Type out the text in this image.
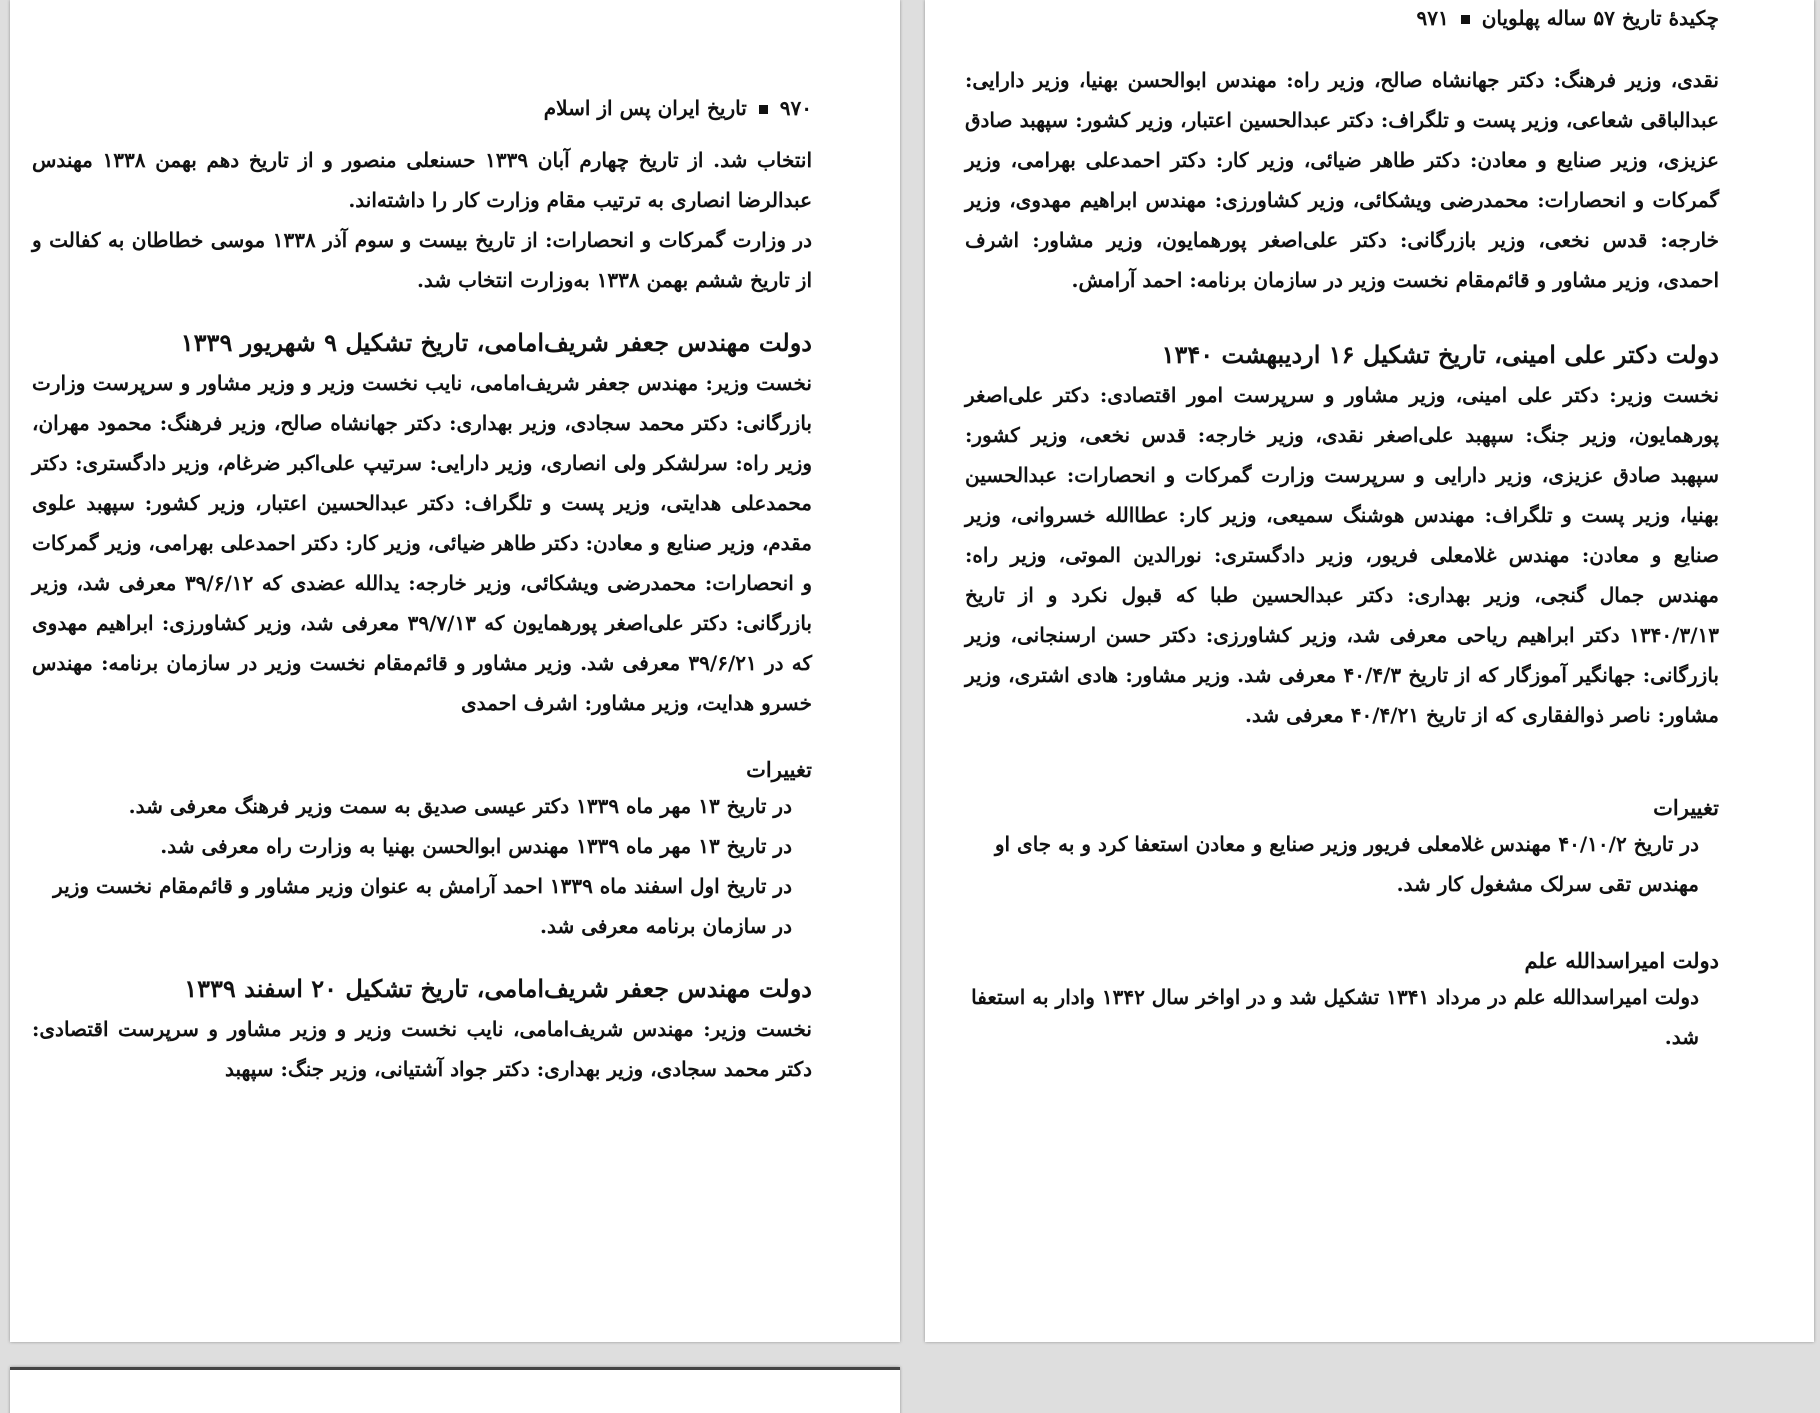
۹۷۰تاریخ ایران پس از اسلام

انتخاب شد. از تاریخ چهارم آبان ۱۳۳۹ حسنعلی منصور و از تاریخ دهم بهمن ۱۳۳۸ مهندس عبدالرضا انصاری به ترتیب مقام وزارت کار را داشته‌اند.

در وزارت گمرکات و انحصارات: از تاریخ بیست و سوم آذر ۱۳۳۸ موسی خطاطان به کفالت و از تاریخ ششم بهمن ۱۳۳۸ به‌وزارت انتخاب شد.

دولت مهندس جعفر شریف‌امامی، تاریخ تشکیل ۹ شهریور ۱۳۳۹

نخست وزیر: مهندس جعفر شریف‌امامی، نایب نخست وزیر و وزیر مشاور و سرپرست وزارت بازرگانی: دکتر محمد سجادی، وزیر بهداری: دکتر جهانشاه صالح، وزیر فرهنگ: محمود مهران، وزیر راه: سرلشکر ولی انصاری، وزیر دارایی: سرتیپ علی‌اکبر ضرغام، وزیر دادگستری: دکتر محمدعلی هدایتی، وزیر پست و تلگراف: دکتر عبدالحسین اعتبار، وزیر کشور: سپهبد علوی مقدم، وزیر صنایع و معادن: دکتر طاهر ضیائی، وزیر کار: دکتر احمدعلی بهرامی، وزیر گمرکات و انحصارات: محمدرضی ویشکائی، وزیر خارجه: یدالله عضدی که ۳۹/۶/۱۲ معرفی شد، وزیر بازرگانی: دکتر علی‌اصغر پورهمایون که ۳۹/۷/۱۳ معرفی شد، وزیر کشاورزی: ابراهیم مهدوی که در ۳۹/۶/۲۱ معرفی شد. وزیر مشاور و قائم‌مقام نخست وزیر در سازمان برنامه: مهندس خسرو هدایت، وزیر مشاور: اشرف احمدی

تغییرات

در تاریخ ۱۳ مهر ماه ۱۳۳۹ دکتر عیسی صدیق به سمت وزیر فرهنگ معرفی شد.

در تاریخ ۱۳ مهر ماه ۱۳۳۹ مهندس ابوالحسن بهنیا به وزارت راه معرفی شد.

در تاریخ اول اسفند ماه ۱۳۳۹ احمد آرامش به عنوان وزیر مشاور و قائم‌مقام نخست وزیر در سازمان برنامه معرفی شد.

دولت مهندس جعفر شریف‌امامی، تاریخ تشکیل ۲۰ اسفند ۱۳۳۹

نخست وزیر: مهندس شریف‌امامی، نایب نخست وزیر و وزیر مشاور و سرپرست اقتصادی: دکتر محمد سجادی، وزیر بهداری: دکتر جواد آشتیانی، وزیر جنگ: سپهبد

چکیدهٔ تاریخ ۵۷ ساله پهلویان۹۷۱

نقدی، وزیر فرهنگ: دکتر جهانشاه صالح، وزیر راه: مهندس ابوالحسن بهنیا، وزیر دارایی: عبدالباقی شعاعی، وزیر پست و تلگراف: دکتر عبدالحسین اعتبار، وزیر کشور: سپهبد صادق عزیزی، وزیر صنایع و معادن: دکتر طاهر ضیائی، وزیر کار: دکتر احمدعلی بهرامی، وزیر گمرکات و انحصارات: محمدرضی ویشکائی، وزیر کشاورزی: مهندس ابراهیم مهدوی، وزیر خارجه: قدس نخعی، وزیر بازرگانی: دکتر علی‌اصغر پورهمایون، وزیر مشاور: اشرف احمدی، وزیر مشاور و قائم‌مقام نخست وزیر در سازمان برنامه: احمد آرامش.

دولت دکتر علی امینی، تاریخ تشکیل ۱۶ اردیبهشت ۱۳۴۰

نخست وزیر: دکتر علی امینی، وزیر مشاور و سرپرست امور اقتصادی: دکتر علی‌اصغر پورهمایون، وزیر جنگ: سپهبد علی‌اصغر نقدی، وزیر خارجه: قدس نخعی، وزیر کشور: سپهبد صادق عزیزی، وزیر دارایی و سرپرست وزارت گمرکات و انحصارات: عبدالحسین بهنیا، وزیر پست و تلگراف: مهندس هوشنگ سمیعی، وزیر کار: عطاالله خسروانی، وزیر صنایع و معادن: مهندس غلامعلی فریور، وزیر دادگستری: نورالدین الموتی، وزیر راه: مهندس جمال گنجی، وزیر بهداری: دکتر عبدالحسین طبا که قبول نکرد و از تاریخ ۱۳۴۰/۳/۱۳ دکتر ابراهیم ریاحی معرفی شد، وزیر کشاورزی: دکتر حسن ارسنجانی، وزیر بازرگانی: جهانگیر آموزگار که از تاریخ ۴۰/۴/۳ معرفی شد. وزیر مشاور: هادی اشتری، وزیر مشاور: ناصر ذوالفقاری که از تاریخ ۴۰/۴/۲۱ معرفی شد.

تغییرات

در تاریخ ۴۰/۱۰/۲ مهندس غلامعلی فریور وزیر صنایع و معادن استعفا کرد و به جای او مهندس تقی سرلک مشغول کار شد.

دولت امیراسدالله علم

دولت امیراسدالله علم در مرداد ۱۳۴۱ تشکیل شد و در اواخر سال ۱۳۴۲ وادار به استعفا شد.
